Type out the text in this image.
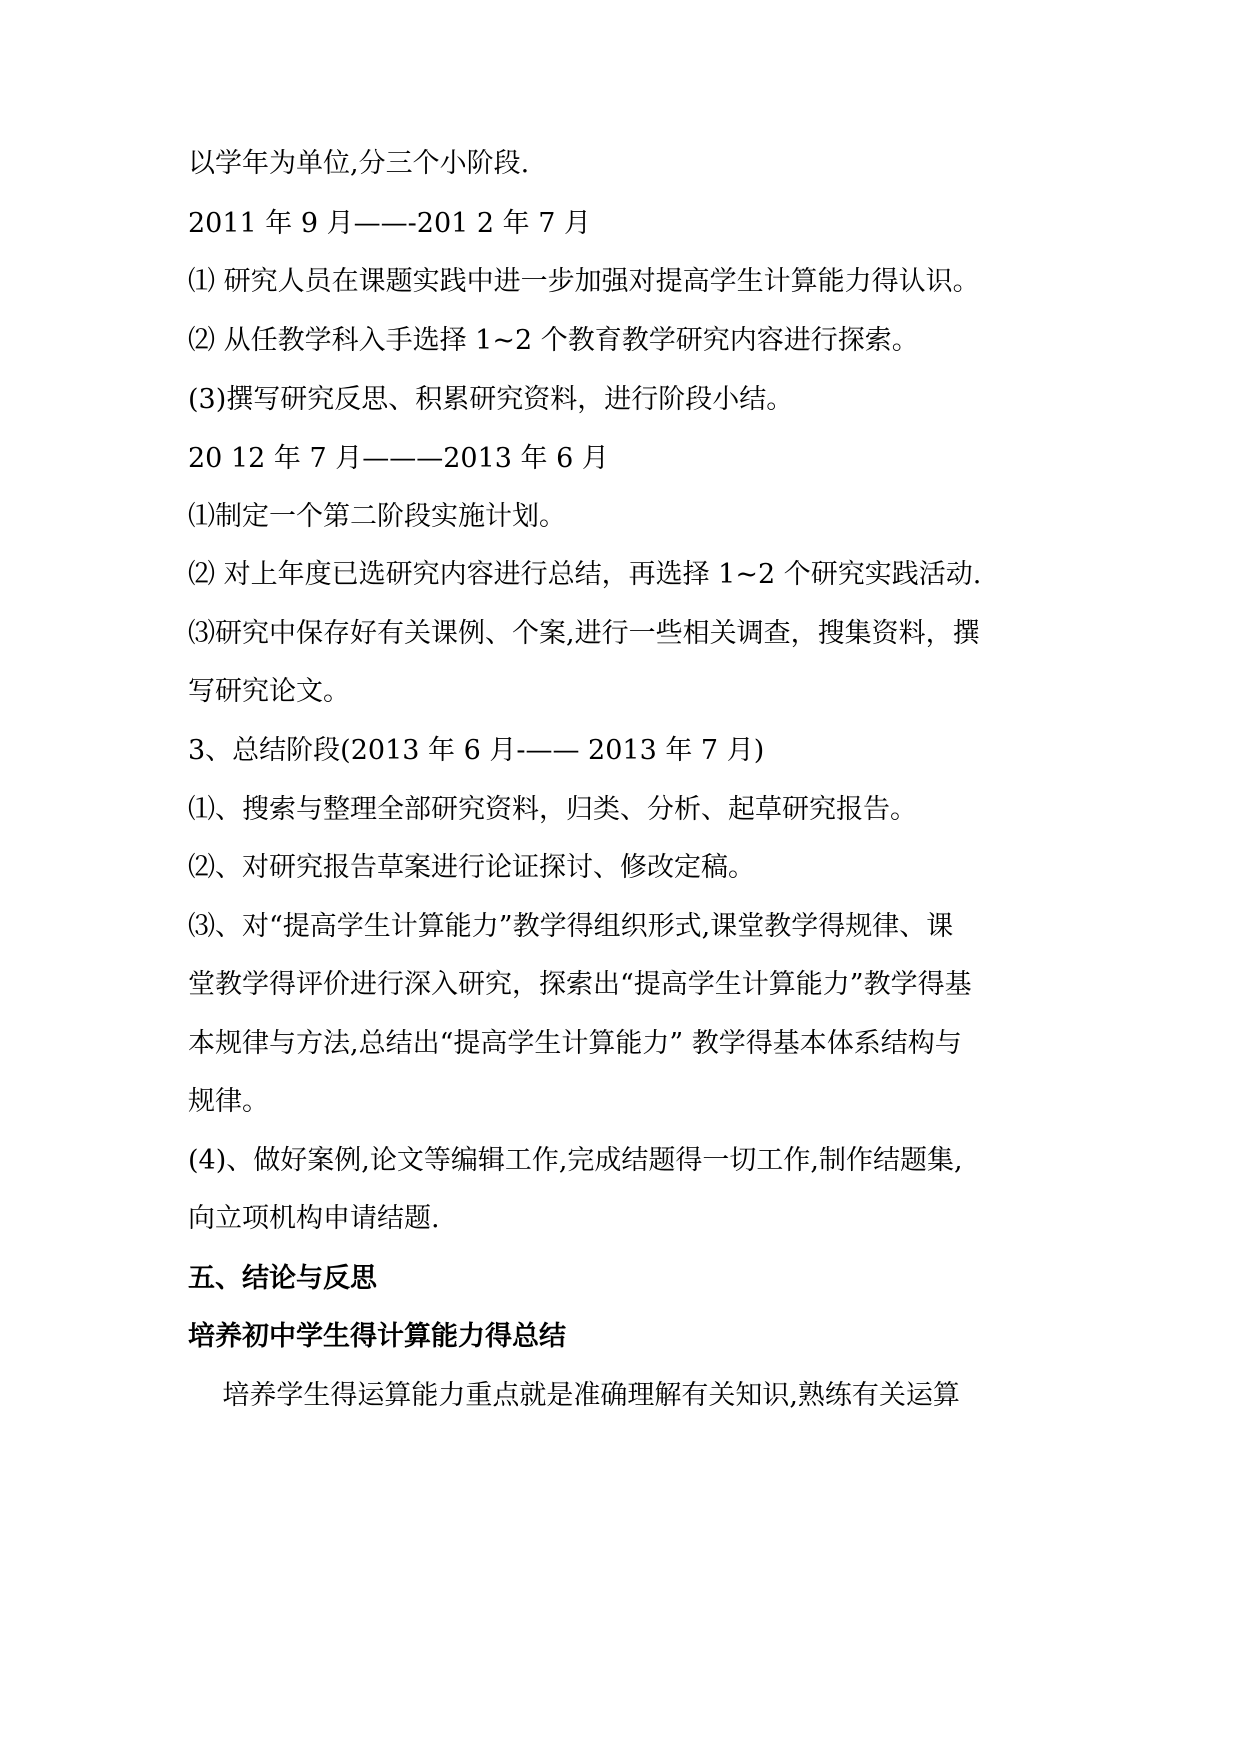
以学年为单位,分三个小阶段.
2011 年 9 月——-201 2 年 7 月
⑴ 研究人员在课题实践中进一步加强对提高学生计算能力得认识。
⑵ 从任教学科入手选择 1~2 个教育教学研究内容进行探索。
(3)撰写研究反思、积累研究资料，进行阶段小结。
20 12 年 7 月———2013 年 6 月
⑴制定一个第二阶段实施计划。
⑵ 对上年度已选研究内容进行总结，再选择 1~2 个研究实践活动.
⑶研究中保存好有关课例、个案,进行一些相关调查，搜集资料，撰
写研究论文。
3、总结阶段(2013 年 6 月-—— 2013 年 7 月)
⑴、搜索与整理全部研究资料，归类、分析、起草研究报告。
⑵、对研究报告草案进行论证探讨、修改定稿。
⑶、对“提高学生计算能力”教学得组织形式,课堂教学得规律、课
堂教学得评价进行深入研究，探索出“提高学生计算能力”教学得基
本规律与方法,总结出“提高学生计算能力” 教学得基本体系结构与
规律。
(4)、做好案例,论文等编辑工作,完成结题得一切工作,制作结题集,
向立项机构申请结题.
五、结论与反思
培养初中学生得计算能力得总结
培养学生得运算能力重点就是准确理解有关知识,熟练有关运算
